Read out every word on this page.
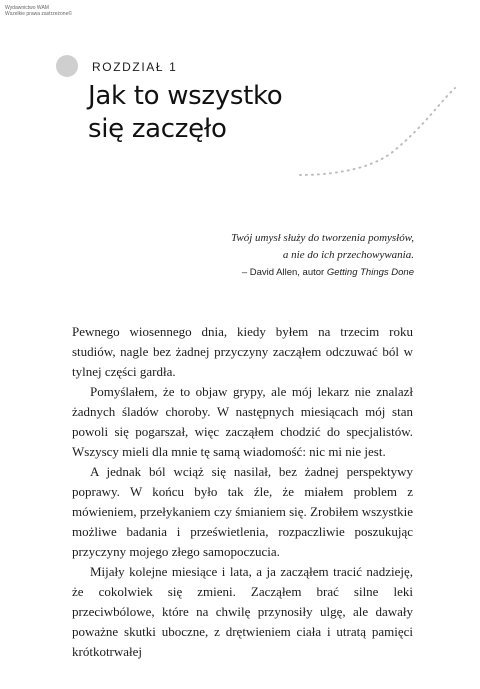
Wydawnictwo WAM
Wszelkie prawa zastrzeżone©
ROZDZIAŁ 1
Jak to wszystko
się zaczęło
Twój umysł służy do tworzenia pomysłów,
a nie do ich przechowywania.
– David Allen, autor Getting Things Done

Pewnego wiosennego dnia, kiedy byłem na trzecim roku studiów, nagle bez żadnej przyczyny zacząłem odczuwać ból w tylnej części gardła.

Pomyślałem, że to objaw grypy, ale mój lekarz nie znalazł żadnych śladów choroby. W następnych miesiącach mój stan powoli się pogarszał, więc zacząłem chodzić do specjalistów. Wszyscy mieli dla mnie tę samą wiadomość: nic mi nie jest.

A jednak ból wciąż się nasilał, bez żadnej perspektywy poprawy. W końcu było tak źle, że miałem problem z mówieniem, przełykaniem czy śmianiem się. Zrobiłem wszystkie możliwe badania i prześwietlenia, rozpaczliwie poszukując przyczyny mojego złego samopoczucia.

Mijały kolejne miesiące i lata, a ja zacząłem tracić nadzieję, że cokolwiek się zmieni. Zacząłem brać silne leki przeciwbólowe, które na chwilę przynosiły ulgę, ale dawały poważne skutki uboczne, z drętwieniem ciała i utratą pamięci krótkotrwałej
